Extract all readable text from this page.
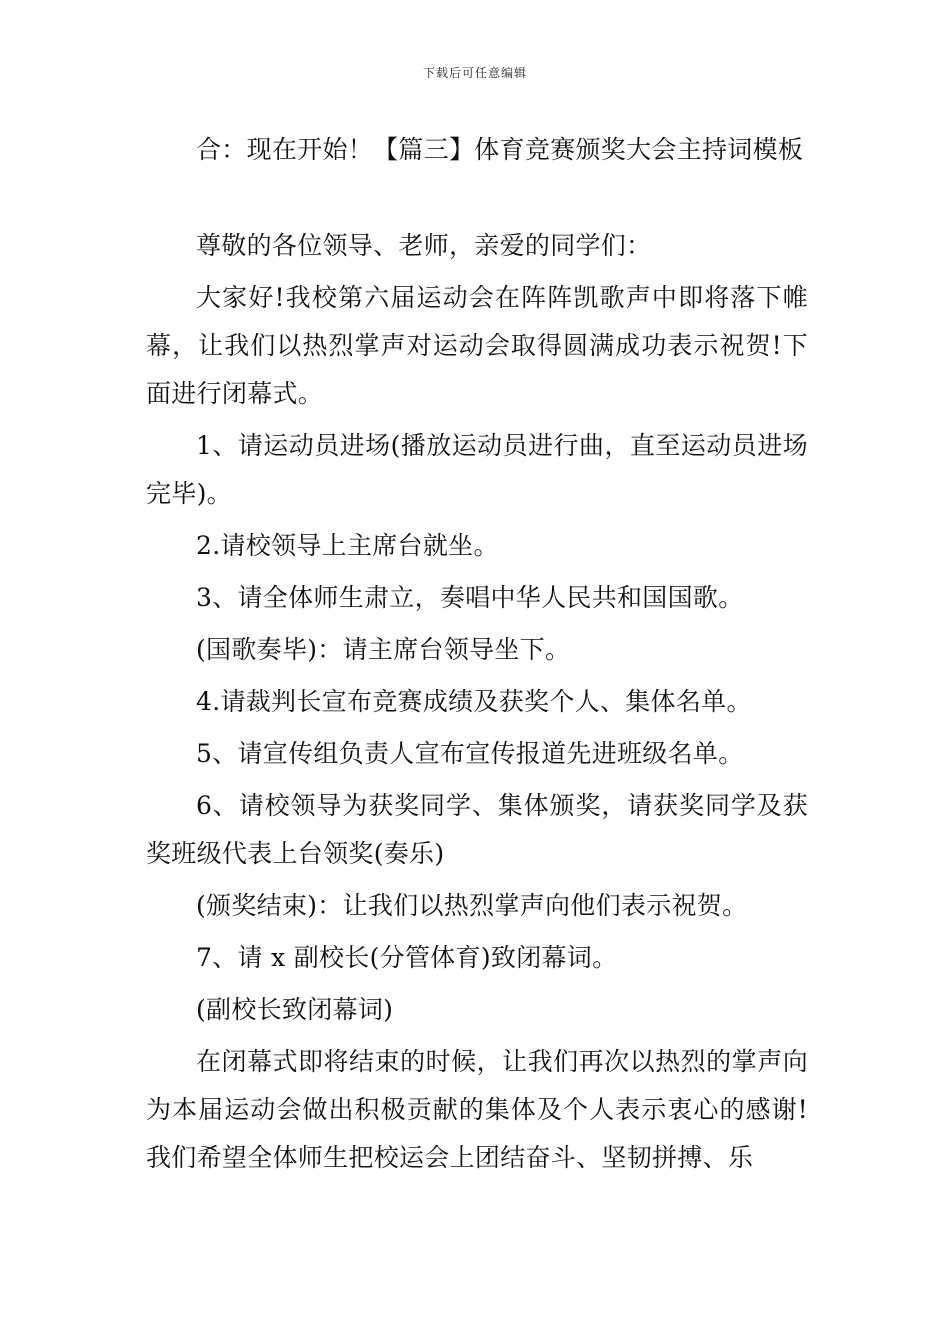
下载后可任意编辑

合：现在开始！【篇三】体育竞赛颁奖大会主持词模板

尊敬的各位领导、老师，亲爱的同学们：

大家好!我校第六届运动会在阵阵凯歌声中即将落下帷幕，让我们以热烈掌声对运动会取得圆满成功表示祝贺!下面进行闭幕式。

1、请运动员进场(播放运动员进行曲，直至运动员进场完毕)。

2.请校领导上主席台就坐。

3、请全体师生肃立，奏唱中华人民共和国国歌。

(国歌奏毕)：请主席台领导坐下。

4.请裁判长宣布竞赛成绩及获奖个人、集体名单。

5、请宣传组负责人宣布宣传报道先进班级名单。

6、请校领导为获奖同学、集体颁奖，请获奖同学及获奖班级代表上台领奖(奏乐)

(颁奖结束)：让我们以热烈掌声向他们表示祝贺。

7、请 x 副校长(分管体育)致闭幕词。

(副校长致闭幕词)

在闭幕式即将结束的时候，让我们再次以热烈的掌声向为本届运动会做出积极贡献的集体及个人表示衷心的感谢!我们希望全体师生把校运会上团结奋斗、坚韧拼搏、乐
